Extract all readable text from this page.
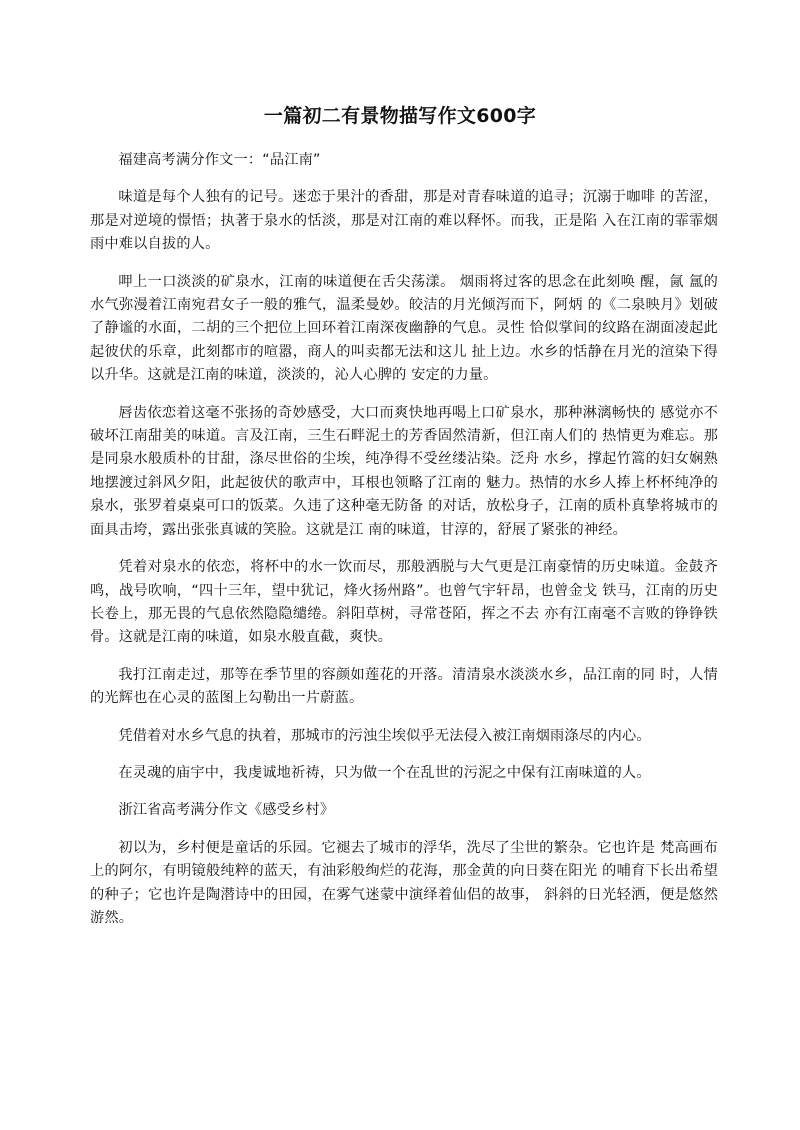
一篇初二有景物描写作文600字

福建高考满分作文一：“品江南”

味道是每个人独有的记号。迷恋于果汁的香甜，那是对青春味道的追寻；沉溺于咖啡 的苦涩，那是对逆境的憬悟；执著于泉水的恬淡，那是对江南的难以释怀。而我，正是陷 入在江南的霏霏烟雨中难以自拔的人。

呷上一口淡淡的矿泉水，江南的味道便在舌尖荡漾。 烟雨将过客的思念在此刻唤 醒，氤 氲的水气弥漫着江南宛君女子一般的雅气，温柔曼妙。皎洁的月光倾泻而下，阿炳 的《二泉映月》划破了静谧的水面，二胡的三个把位上回环着江南深夜幽静的气息。灵性 恰似掌间的纹路在湖面凌起此起彼伏的乐章，此刻都市的喧嚣，商人的叫卖都无法和这儿 扯上边。水乡的恬静在月光的渲染下得以升华。这就是江南的味道，淡淡的，沁人心脾的 安定的力量。

唇齿依恋着这毫不张扬的奇妙感受，大口而爽快地再喝上口矿泉水，那种淋漓畅快的 感觉亦不破坏江南甜美的味道。言及江南，三生石畔泥土的芳香固然清新，但江南人们的 热情更为难忘。那是同泉水般质朴的甘甜，涤尽世俗的尘埃，纯净得不受丝缕沾染。泛舟 水乡，撑起竹篙的妇女娴熟地摆渡过斜风夕阳，此起彼伏的歌声中，耳根也领略了江南的 魅力。热情的水乡人捧上杯杯纯净的泉水，张罗着桌桌可口的饭菜。久违了这种毫无防备 的对话，放松身子，江南的质朴真挚将城市的面具击垮，露出张张真诚的笑脸。这就是江 南的味道，甘淳的，舒展了紧张的神经。

凭着对泉水的依恋，将杯中的水一饮而尽，那般洒脱与大气更是江南豪情的历史味道。金鼓齐鸣，战号吹响，“四十三年，望中犹记，烽火扬州路”。也曾气宇轩昂，也曾金戈 铁马，江南的历史长卷上，那无畏的气息依然隐隐缱绻。斜阳草树，寻常苍陌，挥之不去 亦有江南毫不言败的铮铮铁骨。这就是江南的味道，如泉水般直截，爽快。

我打江南走过，那等在季节里的容颜如莲花的开落。清清泉水淡淡水乡，品江南的同 时，人情的光辉也在心灵的蓝图上勾勒出一片蔚蓝。

凭借着对水乡气息的执着，那城市的污浊尘埃似乎无法侵入被江南烟雨涤尽的内心。

在灵魂的庙宇中，我虔诚地祈祷，只为做一个在乱世的污泥之中保有江南味道的人。

浙江省高考满分作文《感受乡村》

初以为，乡村便是童话的乐园。它褪去了城市的浮华，洗尽了尘世的繁杂。它也许是 梵高画布上的阿尔，有明镜般纯粹的蓝天，有油彩般绚烂的花海，那金黄的向日葵在阳光 的哺育下长出希望的种子；它也许是陶潜诗中的田园，在雾气迷蒙中演绎着仙侣的故事， 斜斜的日光轻洒，便是悠然游然。
